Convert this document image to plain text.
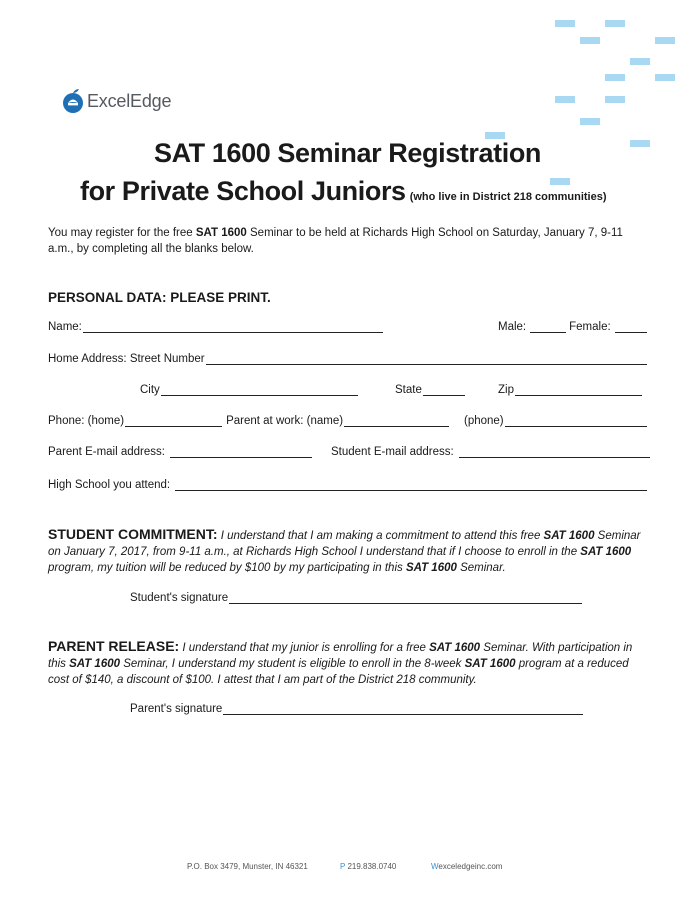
ExcelEdge
SAT 1600 Seminar Registration
for Private School Juniors (who live in District 218 communities)
You may register for the free SAT 1600 Seminar to be held at Richards High School on Saturday, January 7, 9-11 a.m., by completing all the blanks below.
PERSONAL DATA: PLEASE PRINT.
Name:	Male:	Female:
Home Address: Street Number
City	State	Zip
Phone: (home)	Parent at work: (name)	(phone)
Parent E-mail address:	Student E-mail address:
High School you attend:
STUDENT COMMITMENT: I understand that I am making a commitment to attend this free SAT 1600 Seminar on January 7, 2017, from 9-11 a.m., at Richards High School I understand that if I choose to enroll in the SAT 1600 program, my tuition will be reduced by $100 by my participating in this SAT 1600 Seminar.
Student's signature
PARENT RELEASE: I understand that my junior is enrolling for a free SAT 1600 Seminar. With participation in this SAT 1600 Seminar, I understand my student is eligible to enroll in the 8-week SAT 1600 program at a reduced cost of $140, a discount of $100. I attest that I am part of the District 218 community.
Parent's signature
P.O. Box 3479, Munster, IN 46321	P 219.838.0740	Wexceledgeinc.com
